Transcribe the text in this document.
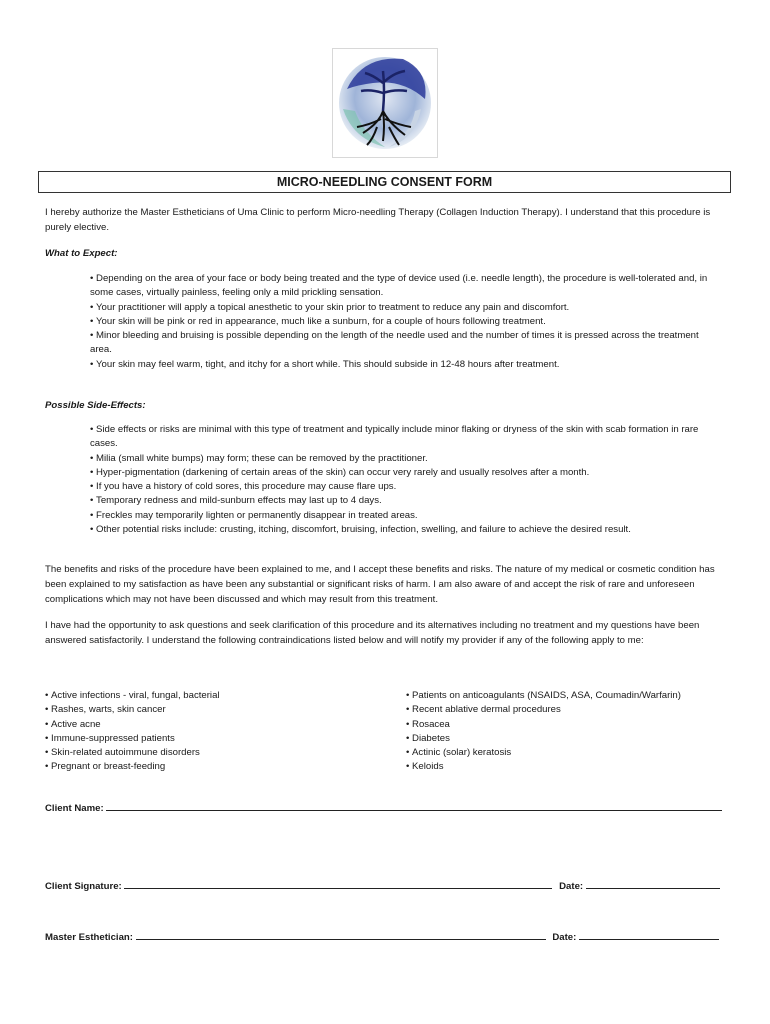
MICRO-NEEDLING CONSENT FORM

I hereby authorize the Master Estheticians of Uma Clinic to perform Micro-needling Therapy (Collagen Induction Therapy). I understand that this procedure is purely elective.

What to Expect:

• Depending on the area of your face or body being treated and the type of device used (i.e. needle length), the procedure is well-tolerated and, in some cases, virtually painless, feeling only a mild prickling sensation.
• Your practitioner will apply a topical anesthetic to your skin prior to treatment to reduce any pain and discomfort.
• Your skin will be pink or red in appearance, much like a sunburn, for a couple of hours following treatment.
• Minor bleeding and bruising is possible depending on the length of the needle used and the number of times it is pressed across the treatment area.
• Your skin may feel warm, tight, and itchy for a short while. This should subside in 12-48 hours after treatment.

Possible Side-Effects:

• Side effects or risks are minimal with this type of treatment and typically include minor flaking or dryness of the skin with scab formation in rare cases.
• Milia (small white bumps) may form; these can be removed by the practitioner.
• Hyper-pigmentation (darkening of certain areas of the skin) can occur very rarely and usually resolves after a month.
• If you have a history of cold sores, this procedure may cause flare ups.
• Temporary redness and mild-sunburn effects may last up to 4 days.
• Freckles may temporarily lighten or permanently disappear in treated areas.
• Other potential risks include: crusting, itching, discomfort, bruising, infection, swelling, and failure to achieve the desired result.

The benefits and risks of the procedure have been explained to me, and I accept these benefits and risks. The nature of my medical or cosmetic condition has been explained to my satisfaction as have been any substantial or significant risks of harm. I am also aware of and accept the risk of rare and unforeseen complications which may not have been discussed and which may result from this treatment.

I have had the opportunity to ask questions and seek clarification of this procedure and its alternatives including no treatment and my questions have been answered satisfactorily. I understand the following contraindications listed below and will notify my provider if any of the following apply to me:

• Active infections - viral, fungal, bacterial
• Rashes, warts, skin cancer
• Active acne
• Immune-suppressed patients
• Skin-related autoimmune disorders
• Pregnant or breast-feeding
• Patients on anticoagulants (NSAIDS, ASA, Coumadin/Warfarin)
• Recent ablative dermal procedures
• Rosacea
• Diabetes
• Actinic (solar) keratosis
• Keloids
Client Name:
Client Signature:	Date:
Master Esthetician:	Date:
